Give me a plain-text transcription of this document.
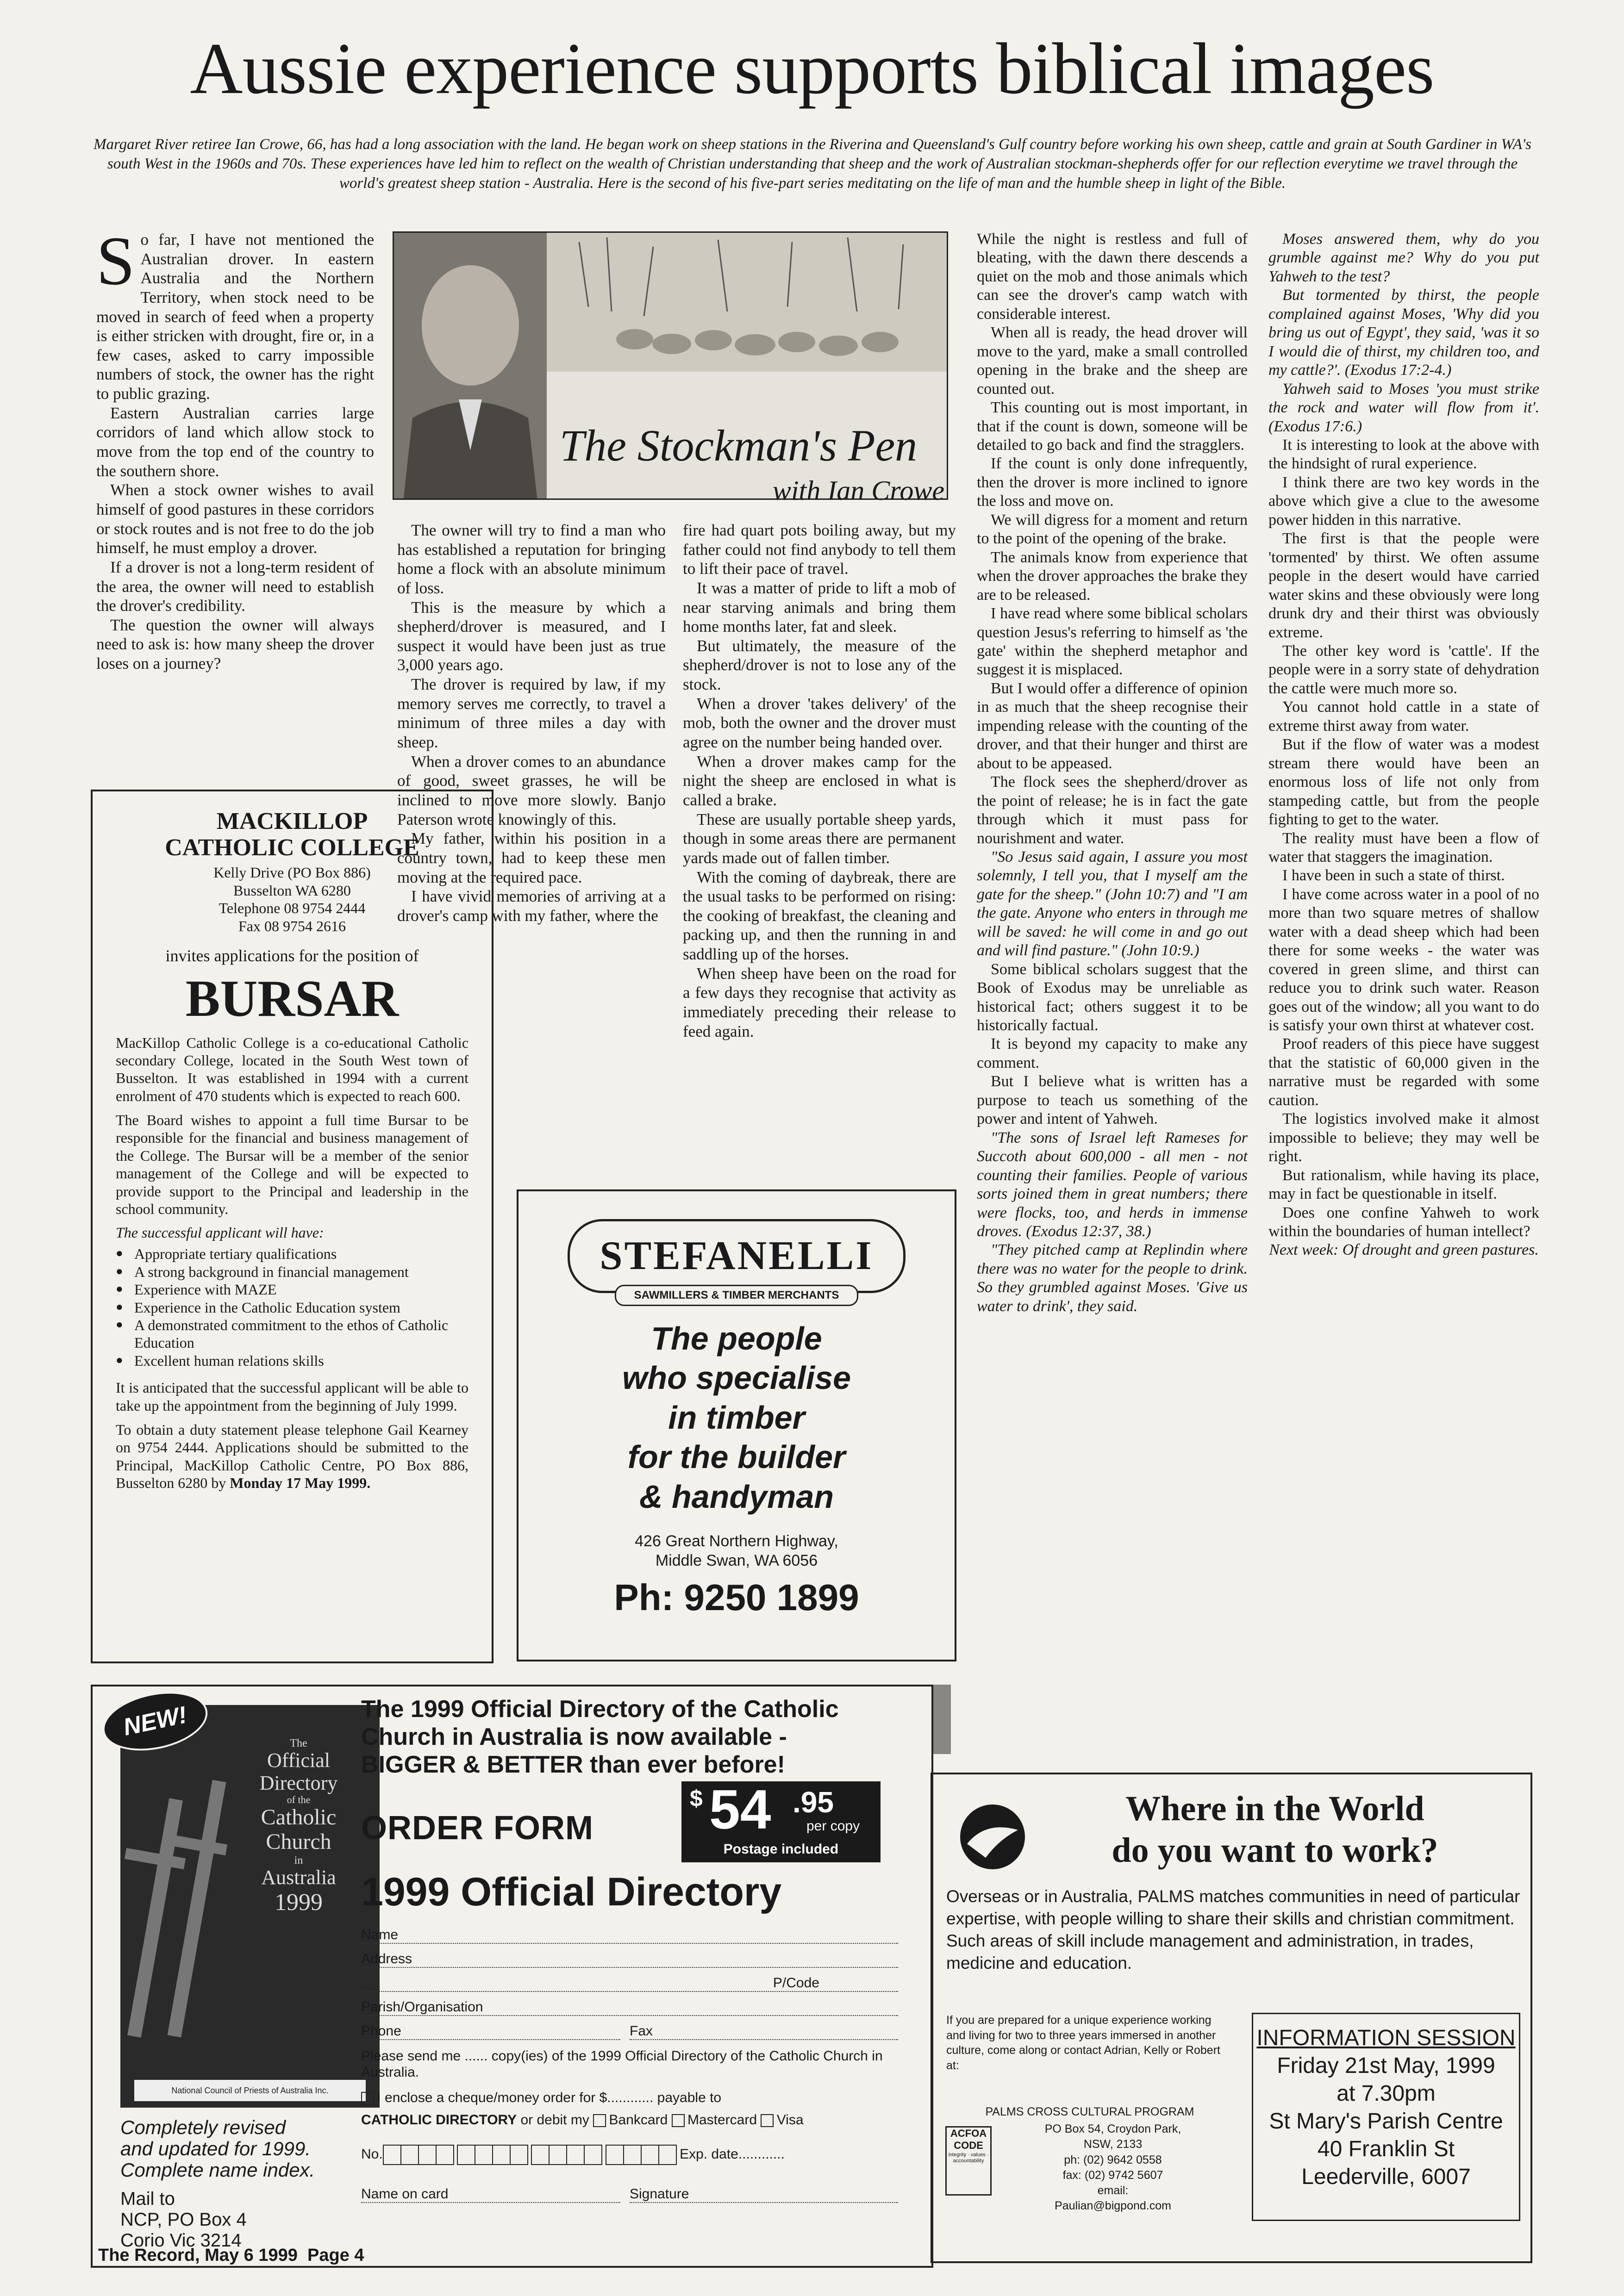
Aussie experience supports biblical images
Margaret River retiree Ian Crowe, 66, has had a long association with the land. He began work on sheep stations in the Riverina and Queensland's Gulf country before working his own sheep, cattle and grain at South Gardiner in WA's south West in the 1960s and 70s. These experiences have led him to reflect on the wealth of Christian understanding that sheep and the work of Australian stockman-shepherds offer for our reflection everytime we travel through the world's greatest sheep station - Australia. Here is the second of his five-part series meditating on the life of man and the humble sheep in light of the Bible.
The Stockman's Pen
with Ian Crowe
S o far, I have not mentioned the Australian drover. In eastern Australia and the Northern Territory, when stock need to be moved in search of feed when a property is either stricken with drought, fire or, in a few cases, asked to carry impossible numbers of stock, the owner has the right to public grazing.

Eastern Australian carries large corridors of land which allow stock to move from the top end of the country to the southern shore.

When a stock owner wishes to avail himself of good pastures in these corridors or stock routes and is not free to do the job himself, he must employ a drover.

If a drover is not a long-term resident of the area, the owner will need to establish the drover's credibility.

The question the owner will always need to ask is: how many sheep the drover loses on a journey?

The owner will try to find a man who has established a reputation for bringing home a flock with an absolute minimum of loss.

This is the measure by which a shepherd/drover is measured, and I suspect it would have been just as true 3,000 years ago.

The drover is required by law, if my memory serves me correctly, to travel a minimum of three miles a day with sheep.

When a drover comes to an abundance of good, sweet grasses, he will be inclined to move more slowly. Banjo Paterson wrote knowingly of this.

My father, within his position in a country town, had to keep these men moving at the required pace.

I have vivid memories of arriving at a drover's camp with my father, where the

fire had quart pots boiling away, but my father could not find anybody to tell them to lift their pace of travel.

It was a matter of pride to lift a mob of near starving animals and bring them home months later, fat and sleek.

But ultimately, the measure of the shepherd/drover is not to lose any of the stock.

When a drover 'takes delivery' of the mob, both the owner and the drover must agree on the number being handed over.

When a drover makes camp for the night the sheep are enclosed in what is called a brake.

These are usually portable sheep yards, though in some areas there are permanent yards made out of fallen timber.

With the coming of daybreak, there are the usual tasks to be performed on rising: the cooking of breakfast, the cleaning and packing up, and then the running in and saddling up of the horses.

When sheep have been on the road for a few days they recognise that activity as immediately preceding their release to feed again.

While the night is restless and full of bleating, with the dawn there descends a quiet on the mob and those animals which can see the drover's camp watch with considerable interest.

When all is ready, the head drover will move to the yard, make a small controlled opening in the brake and the sheep are counted out.

This counting out is most important, in that if the count is down, someone will be detailed to go back and find the stragglers.

If the count is only done infrequently, then the drover is more inclined to ignore the loss and move on.

We will digress for a moment and return to the point of the opening of the brake.

The animals know from experience that when the drover approaches the brake they are to be released.

I have read where some biblical scholars question Jesus's referring to himself as 'the gate' within the shepherd metaphor and suggest it is misplaced.

But I would offer a difference of opinion in as much that the sheep recognise their impending release with the counting of the drover, and that their hunger and thirst are about to be appeased.

The flock sees the shepherd/drover as the point of release; he is in fact the gate through which it must pass for nourishment and water.

"So Jesus said again, I assure you most solemnly, I tell you, that I myself am the gate for the sheep." (John 10:7) and "I am the gate. Anyone who enters in through me will be saved: he will come in and go out and will find pasture." (John 10:9.)

Some biblical scholars suggest that the Book of Exodus may be unreliable as historical fact; others suggest it to be historically factual.

It is beyond my capacity to make any comment.

But I believe what is written has a purpose to teach us something of the power and intent of Yahweh.

"The sons of Israel left Rameses for Succoth about 600,000 - all men - not counting their families. People of various sorts joined them in great numbers; there were flocks, too, and herds in immense droves. (Exodus 12:37, 38.)

"They pitched camp at Replindin where there was no water for the people to drink. So they grumbled against Moses. 'Give us water to drink', they said.

Moses answered them, why do you grumble against me? Why do you put Yahweh to the test?

But tormented by thirst, the people complained against Moses, 'Why did you bring us out of Egypt', they said, 'was it so I would die of thirst, my children too, and my cattle?'. (Exodus 17:2-4.)

Yahweh said to Moses 'you must strike the rock and water will flow from it'. (Exodus 17:6.)

It is interesting to look at the above with the hindsight of rural experience.

I think there are two key words in the above which give a clue to the awesome power hidden in this narrative.

The first is that the people were 'tormented' by thirst. We often assume people in the desert would have carried water skins and these obviously were long drunk dry and their thirst was obviously extreme.

The other key word is 'cattle'. If the people were in a sorry state of dehydration the cattle were much more so.

You cannot hold cattle in a state of extreme thirst away from water.

But if the flow of water was a modest stream there would have been an enormous loss of life not only from stampeding cattle, but from the people fighting to get to the water.

The reality must have been a flow of water that staggers the imagination.

I have been in such a state of thirst.

I have come across water in a pool of no more than two square metres of shallow water with a dead sheep which had been there for some weeks - the water was covered in green slime, and thirst can reduce you to drink such water. Reason goes out of the window; all you want to do is satisfy your own thirst at whatever cost.

Proof readers of this piece have suggest that the statistic of 60,000 given in the narrative must be regarded with some caution.

The logistics involved make it almost impossible to believe; they may well be right.

But rationalism, while having its place, may in fact be questionable in itself.

Does one confine Yahweh to work within the boundaries of human intellect?

Next week: Of drought and green pastures.

MACKILLOP
CATHOLIC COLLEGE
Kelly Drive (PO Box 886)
Busselton WA 6280
Telephone 08 9754 2444
Fax 08 9754 2616
invites applications for the position of
BURSAR
MacKillop Catholic College is a co-educational Catholic secondary College, located in the South West town of Busselton. It was established in 1994 with a current enrolment of 470 students which is expected to reach 600.
The Board wishes to appoint a full time Bursar to be responsible for the financial and business management of the College. The Bursar will be a member of the senior management of the College and will be expected to provide support to the Principal and leadership in the school community.
The successful applicant will have:
● Appropriate tertiary qualifications
● A strong background in financial management
● Experience with MAZE
● Experience in the Catholic Education system
● A demonstrated commitment to the ethos of Catholic Education
● Excellent human relations skills
It is anticipated that the successful applicant will be able to take up the appointment from the beginning of July 1999.
To obtain a duty statement please telephone Gail Kearney on 9754 2444. Applications should be submitted to the Principal, MacKillop Catholic Centre, PO Box 886, Busselton 6280 by Monday 17 May 1999.
STEFANELLI
SAWMILLERS & TIMBER MERCHANTS
The people
who specialise
in timber
for the builder
& handyman
426 Great Northern Highway,
Middle Swan, WA 6056
Ph: 9250 1899
The
Official
Directory
of the
Catholic
Church
in
Australia
1999
National Council of Priests of Australia Inc.
NEW!
Completely revised
and updated for 1999.
Complete name index.
Mail to
NCP, PO Box 4
Corio Vic 3214
The 1999 Official Directory of the Catholic
Church in Australia is now available -
BIGGER & BETTER than ever before!
ORDER FORM
$ 54 .95
per copy
Postage included
1999 Official Directory
Name
Address
P/Code
Parish/Organisation
Phone	Fax
Please send me ...... copy(ies) of the 1999 Official Directory of the Catholic Church in Australia.
I enclose a cheque/money order for $............ payable to
CATHOLIC DIRECTORY or debit my Bankcard Mastercard Visa
No.	Exp. date............
Name on card	Signature
Where in the World
do you want to work?
Overseas or in Australia, PALMS matches communities in need of particular expertise, with people willing to share their skills and christian commitment. Such areas of skill include management and administration, in trades, medicine and education.
If you are prepared for a unique experience working and living for two to three years immersed in another culture, come along or contact Adrian, Kelly or Robert at:
PALMS CROSS CULTURAL PROGRAM
ACFOA
CODE
integrity · values · accountability
PO Box 54, Croydon Park,
NSW, 2133
ph: (02) 9642 0558
fax: (02) 9742 5607
email: Paulian@bigpond.com
INFORMATION SESSION
Friday 21st May, 1999
at 7.30pm
St Mary's Parish Centre
40 Franklin St
Leederville, 6007
The Record, May 6 1999  Page 4
